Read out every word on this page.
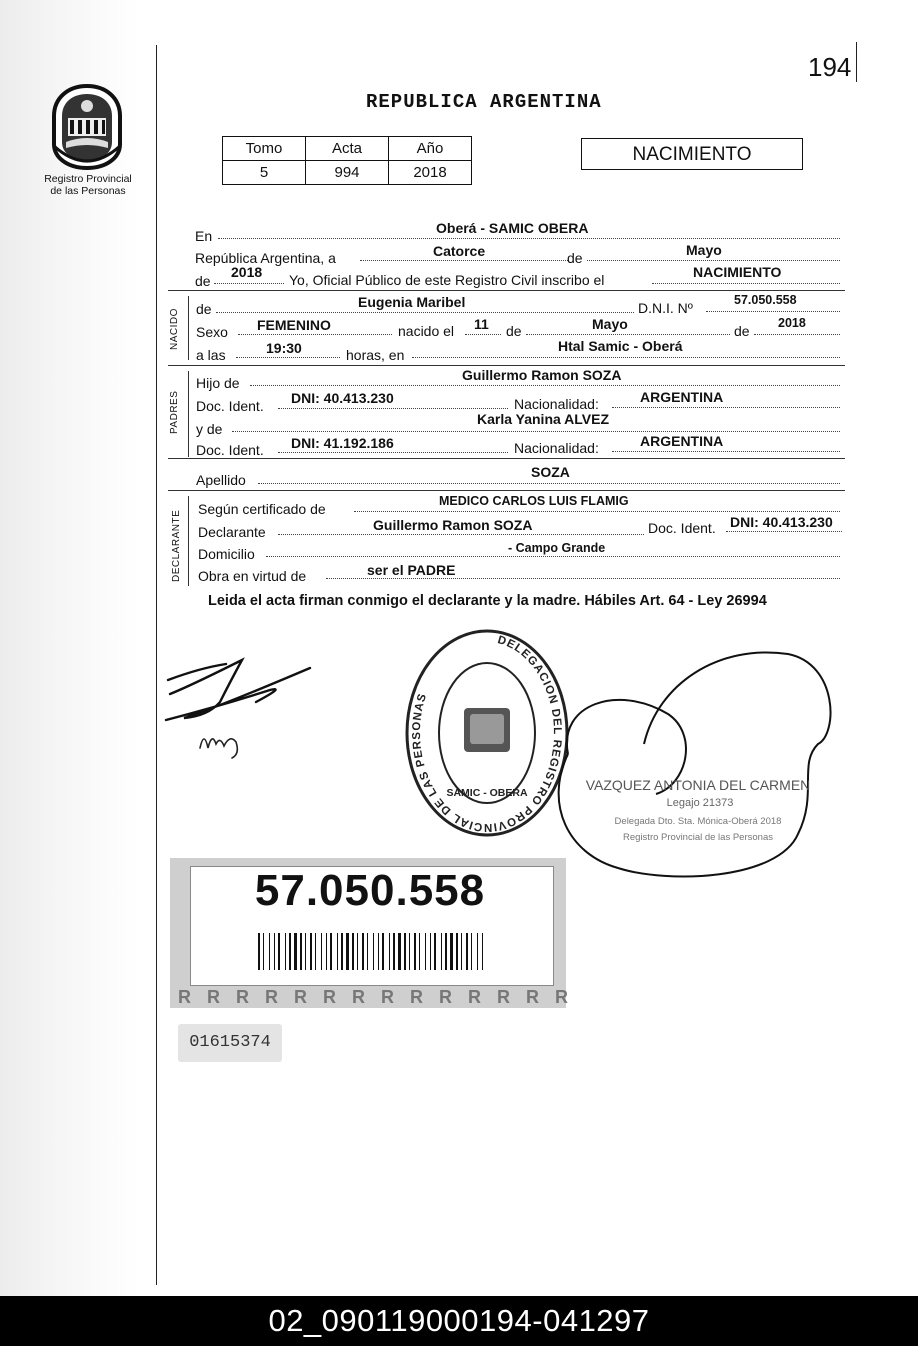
194
Registro Provincial
de las Personas
REPUBLICA ARGENTINA
Tomo	Acta	Año
5	994	2018
NACIMIENTO
En	Oberá - SAMIC OBERA
República Argentina, a	Catorce	de	Mayo
de
2018 Yo, Oficial Público de este Registro Civil inscribo el	NACIMIENTO
NACIDO de	Eugenia Maribel	D.N.I. Nº	57.050.558
Sexo FEMENINO	nacido el 11 de	Mayo	de 2018
a las	19:30	horas, en
Htal Samic - Oberá
PADRES
Hijo de	Guillermo Ramon SOZA
Doc. Ident. DNI: 40.413.230	Nacionalidad:	ARGENTINA
y de
Karla Yanina ALVEZ
Doc. Ident. DNI: 41.192.186	Nacionalidad:	ARGENTINA
Apellido	SOZA
DECLARANTE
Según certificado de	MEDICO CARLOS LUIS FLAMIG
Declarante	Guillermo Ramon SOZA	Doc. Ident. DNI: 40.413.230
Domicilio	- Campo Grande
Obra en virtud de	ser el PADRE
Leida el acta firman conmigo el declarante y la madre. Hábiles Art. 64 - Ley 26994
DELEGACION DEL REGISTRO PROVINCIAL DE LAS PERSONAS
SAMIC - OBERA	VAZQUEZ ANTONIA DEL CARMEN
Legajo 21373
Delegada Dto. Sta. Mónica-Oberá 2018
Registro Provincial de las Personas
R R R R R R R R R R R R R R
57.050.558
01615374
02_090119000194-041297
